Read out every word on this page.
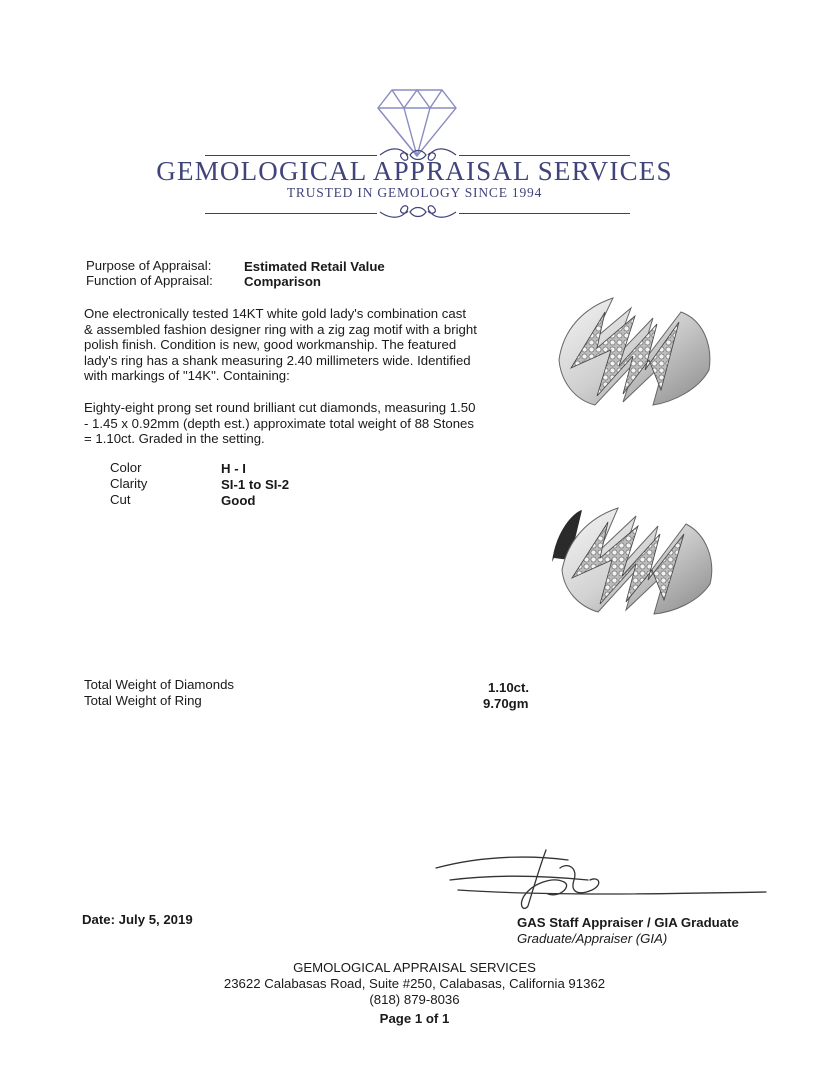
GEMOLOGICAL APPRAISAL SERVICES
TRUSTED IN GEMOLOGY SINCE 1994
Purpose of Appraisal: Estimated Retail Value
Function of Appraisal: Comparison
One electronically tested 14KT white gold lady's combination cast
& assembled fashion designer ring with a zig zag motif with a bright
polish finish. Condition is new, good workmanship. The featured
lady's ring has a shank measuring 2.40 millimeters wide. Identified
with markings of "14K". Containing:
Eighty-eight prong set round brilliant cut diamonds, measuring 1.50
- 1.45 x 0.92mm (depth est.) approximate total weight of 88 Stones
= 1.10ct. Graded in the setting.
Color	H - I
Clarity	SI-1 to SI-2
Cut	Good
Total Weight of Diamonds	1.10ct.
Total Weight of Ring	9.70gm
Date: July 5, 2019	GAS Staff Appraiser / GIA Graduate
Graduate/Appraiser (GIA)
GEMOLOGICAL APPRAISAL SERVICES
23622 Calabasas Road, Suite #250, Calabasas, California 91362
(818) 879-8036
Page 1 of 1
